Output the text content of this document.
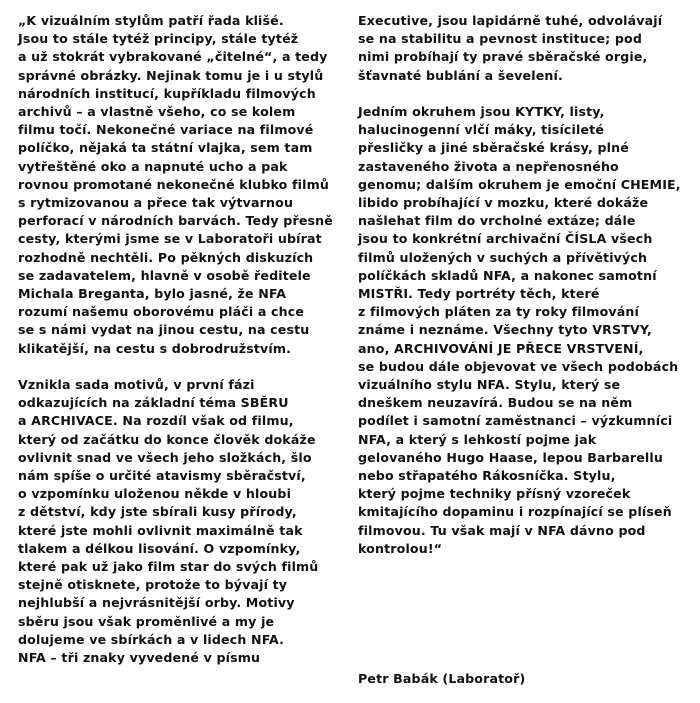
„K vizuálním stylům patří řada klišé.
Jsou to stále tytéž principy, stále tytéž
a už stokrát vybrakované „čitelné“, a tedy
správné obrázky. Nejinak tomu je i u stylů
národních institucí, kupříkladu filmových
archivů – a vlastně všeho, co se kolem
filmu točí. Nekonečné variace na filmové
políčko, nějaká ta státní vlajka, sem tam
vytřeštěné oko a napnuté ucho a pak
rovnou promotané nekonečné klubko filmů
s rytmizovanou a přece tak výtvarnou
perforací v národních barvách. Tedy přesně
cesty, kterými jsme se v Laboratoři ubírat
rozhodně nechtěli. Po pěkných diskuzích
se zadavatelem, hlavně v osobě ředitele
Michala Breganta, bylo jasné, že NFA
rozumí našemu oborovému pláči a chce
se s námi vydat na jinou cestu, na cestu
klikatější, na cestu s dobrodružstvím.
Vznikla sada motivů, v první fázi
odkazujících na základní téma SBĚRU
a ARCHIVACE. Na rozdíl však od filmu,
který od začátku do konce člověk dokáže
ovlivnit snad ve všech jeho složkách, šlo
nám spíše o určité atavismy sběračství,
o vzpomínku uloženou někde v hloubi
z dětství, kdy jste sbírali kusy přírody,
které jste mohli ovlivnit maximálně tak
tlakem a délkou lisování. O vzpomínky,
které pak už jako film star do svých filmů
stejně otisknete, protože to bývají ty
nejhlubší a nejvrásnitější orby. Motivy
sběru jsou však proměnlivé a my je
dolujeme ve sbírkách a v lidech NFA.
NFA – tři znaky vyvedené v písmu
Executive, jsou lapidárně tuhé, odvolávají
se na stabilitu a pevnost instituce; pod
nimi probíhají ty pravé sběračské orgie,
šťavnaté bublání a ševelení.
Jedním okruhem jsou KYTKY, listy,
halucinogenní vlčí máky, tisícileté
přesličky a jiné sběračské krásy, plné
zastaveného života a nepřenosného
genomu; dalším okruhem je emoční CHEMIE,
libido probíhající v mozku, které dokáže
našlehat film do vrcholné extáze; dále
jsou to konkrétní archivační ČÍSLA všech
filmů uložených v suchých a přívětivých
políčkách skladů NFA, a nakonec samotní
MISTŘI. Tedy portréty těch, které
z filmových pláten za ty roky filmování
známe i neznáme. Všechny tyto VRSTVY,
ano, ARCHIVOVÁNÍ JE PŘECE VRSTVENÍ,
se budou dále objevovat ve všech podobách
vizuálního stylu NFA. Stylu, který se
dneškem neuzavírá. Budou se na něm
podílet i samotní zaměstnanci – výzkumníci
NFA, a který s lehkostí pojme jak
gelovaného Hugo Haase, lepou Barbarellu
nebo střapatého Rákosníčka. Stylu,
který pojme techniky přísný vzoreček
kmitajícího dopaminu i rozpínající se plíseň
filmovou. Tu však mají v NFA dávno pod
kontrolou!“
Petr Babák (Laboratoř)
